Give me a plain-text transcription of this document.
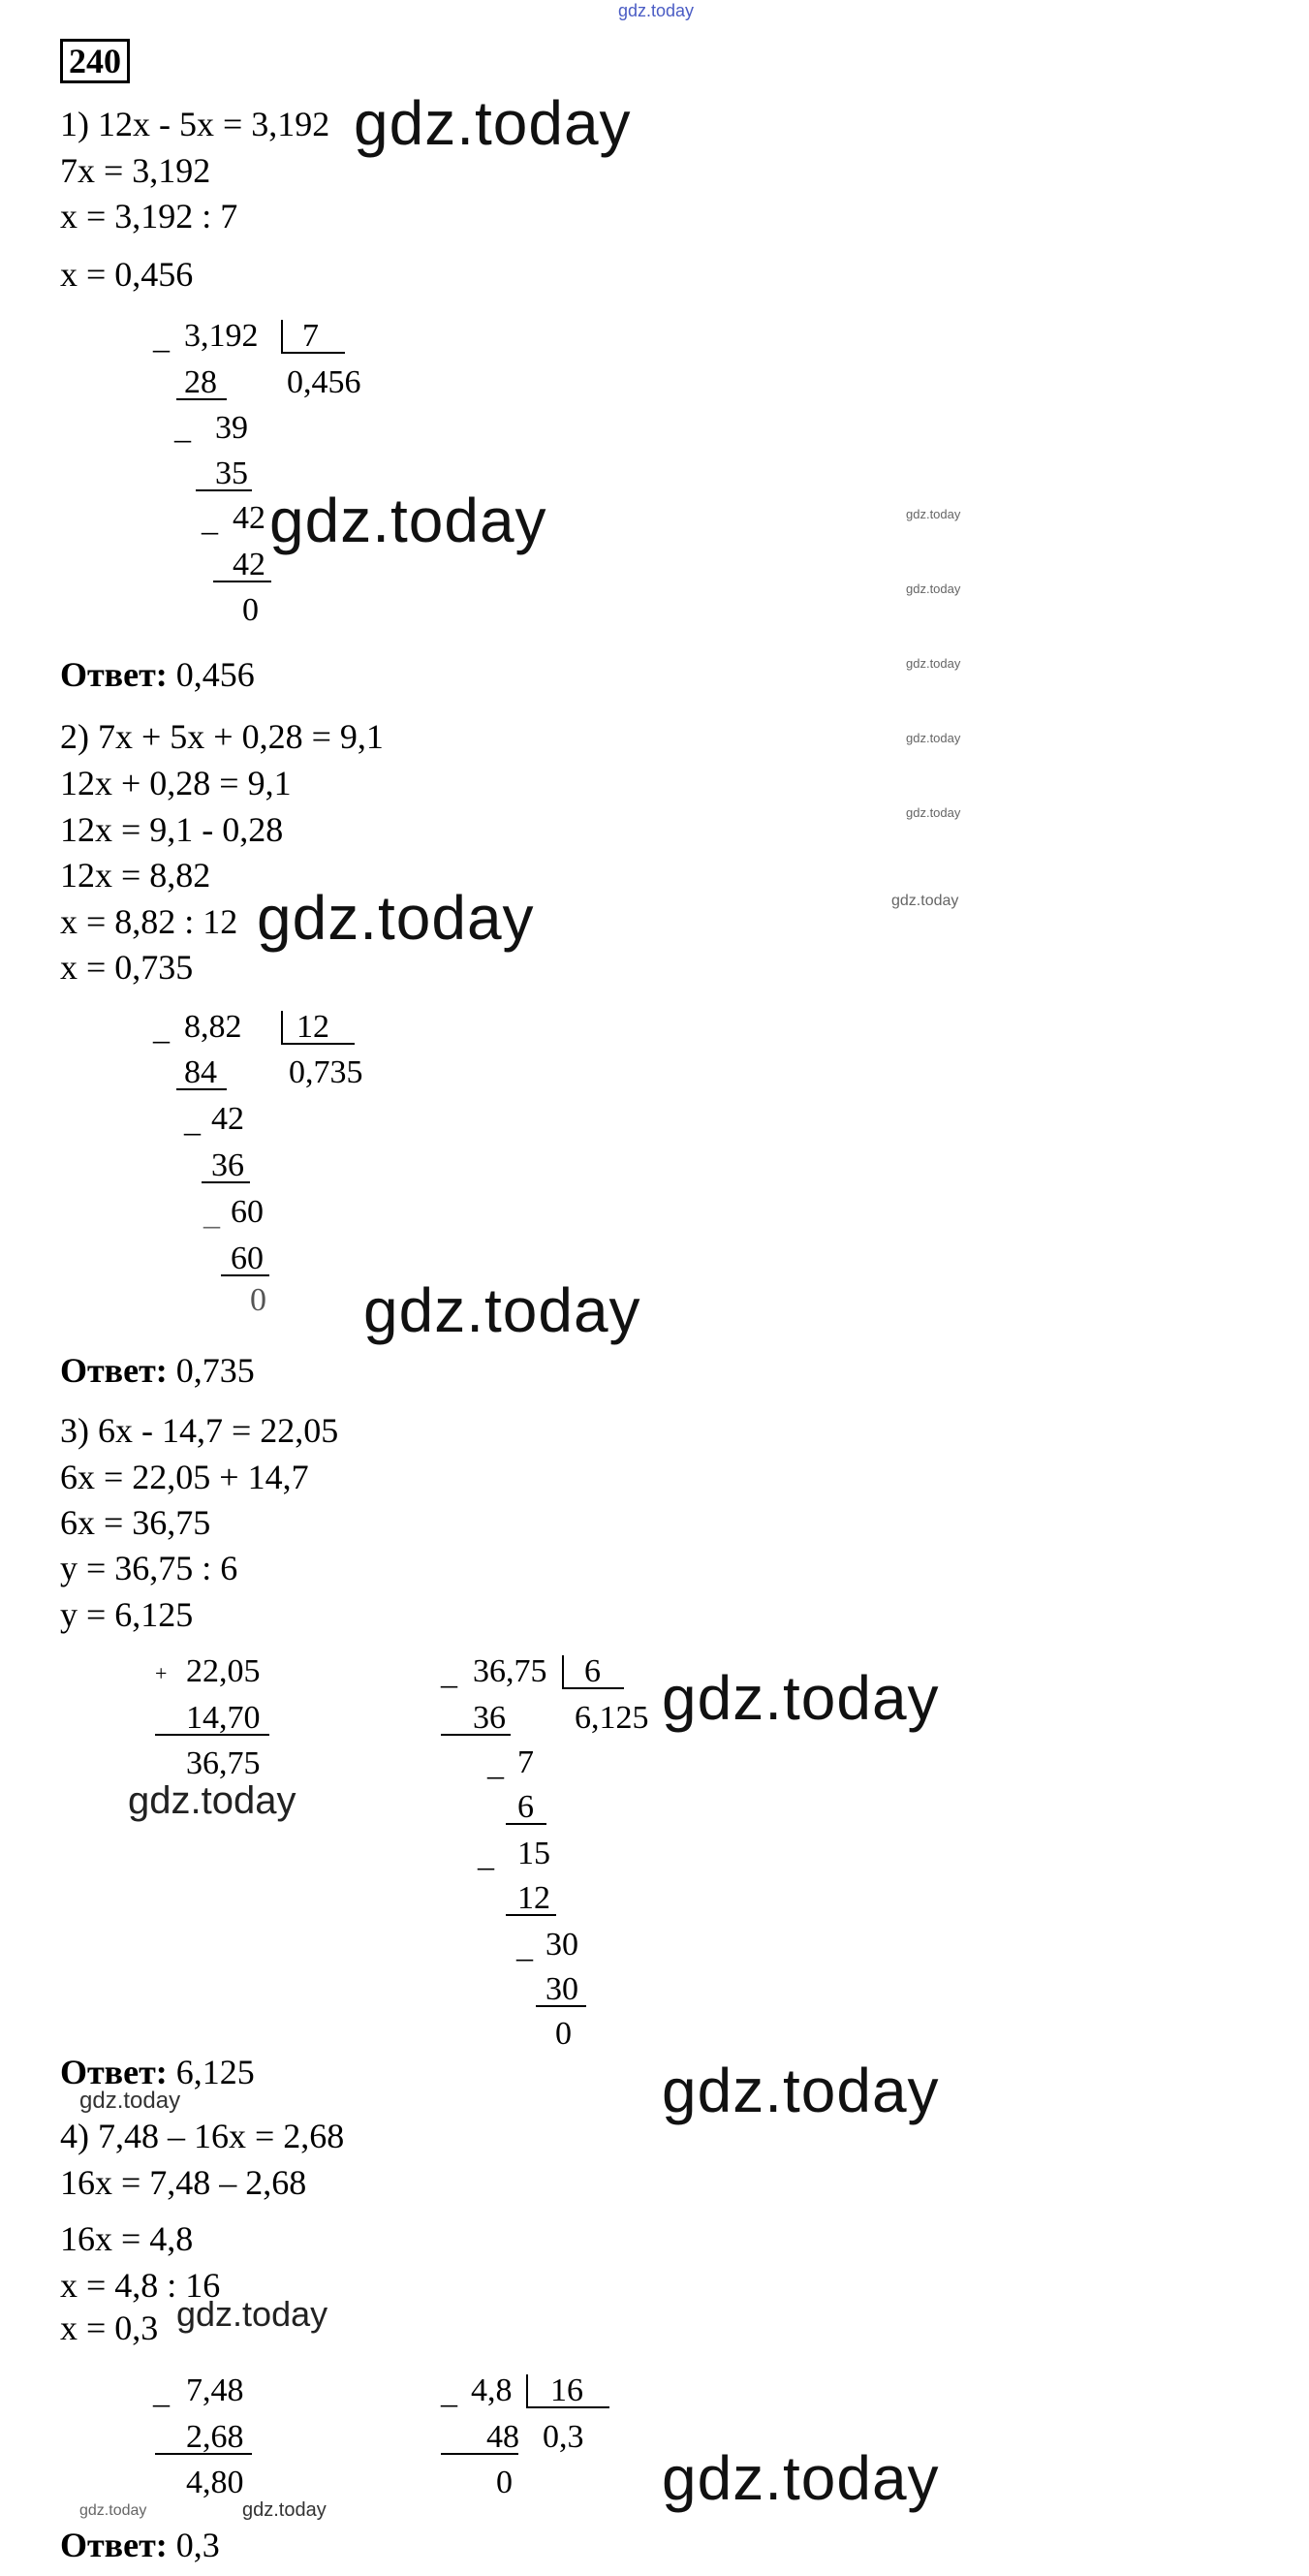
gdz.today
240
1) 12x - 5x = 3,192 gdz.today
7x = 3,192
x = 3,192 : 7
x = 0,456
_ 3,192 7
0,456
28
_ 39
35
_ 42 gdz.today
42
0
Ответ: 0,456
gdz.today
gdz.today
gdz.today
gdz.today
gdz.today
gdz.today
2) 7x + 5x + 0,28 = 9,1
12x + 0,28 = 9,1
12x = 9,1 - 0,28
12x = 8,82
x = 8,82 : 12 gdz.today
x = 0,735
_ 8,82 12
0,735
84
_ 42
36
_ 60
60
0 gdz.today
Ответ: 0,735
3) 6x - 14,7 = 22,05
6x = 22,05 + 14,7
6x = 36,75
y = 36,75 : 6
y = 6,125
+ 22,05
14,70
36,75
gdz.today
_ 36,75 6
6,125 gdz.today
36
_ 7
6
_ 15
12
_ 30
30
0
Ответ: 6,125
gdz.today	gdz.today
4) 7,48 – 16x = 2,68
16x = 7,48 – 2,68
16x = 4,8
x = 4,8 : 16
x = 0,3 gdz.today
_ 7,48
2,68
4,80
_ 4,8 16
0,3
48
0 gdz.today
gdz.today	gdz.today
Ответ: 0,3
